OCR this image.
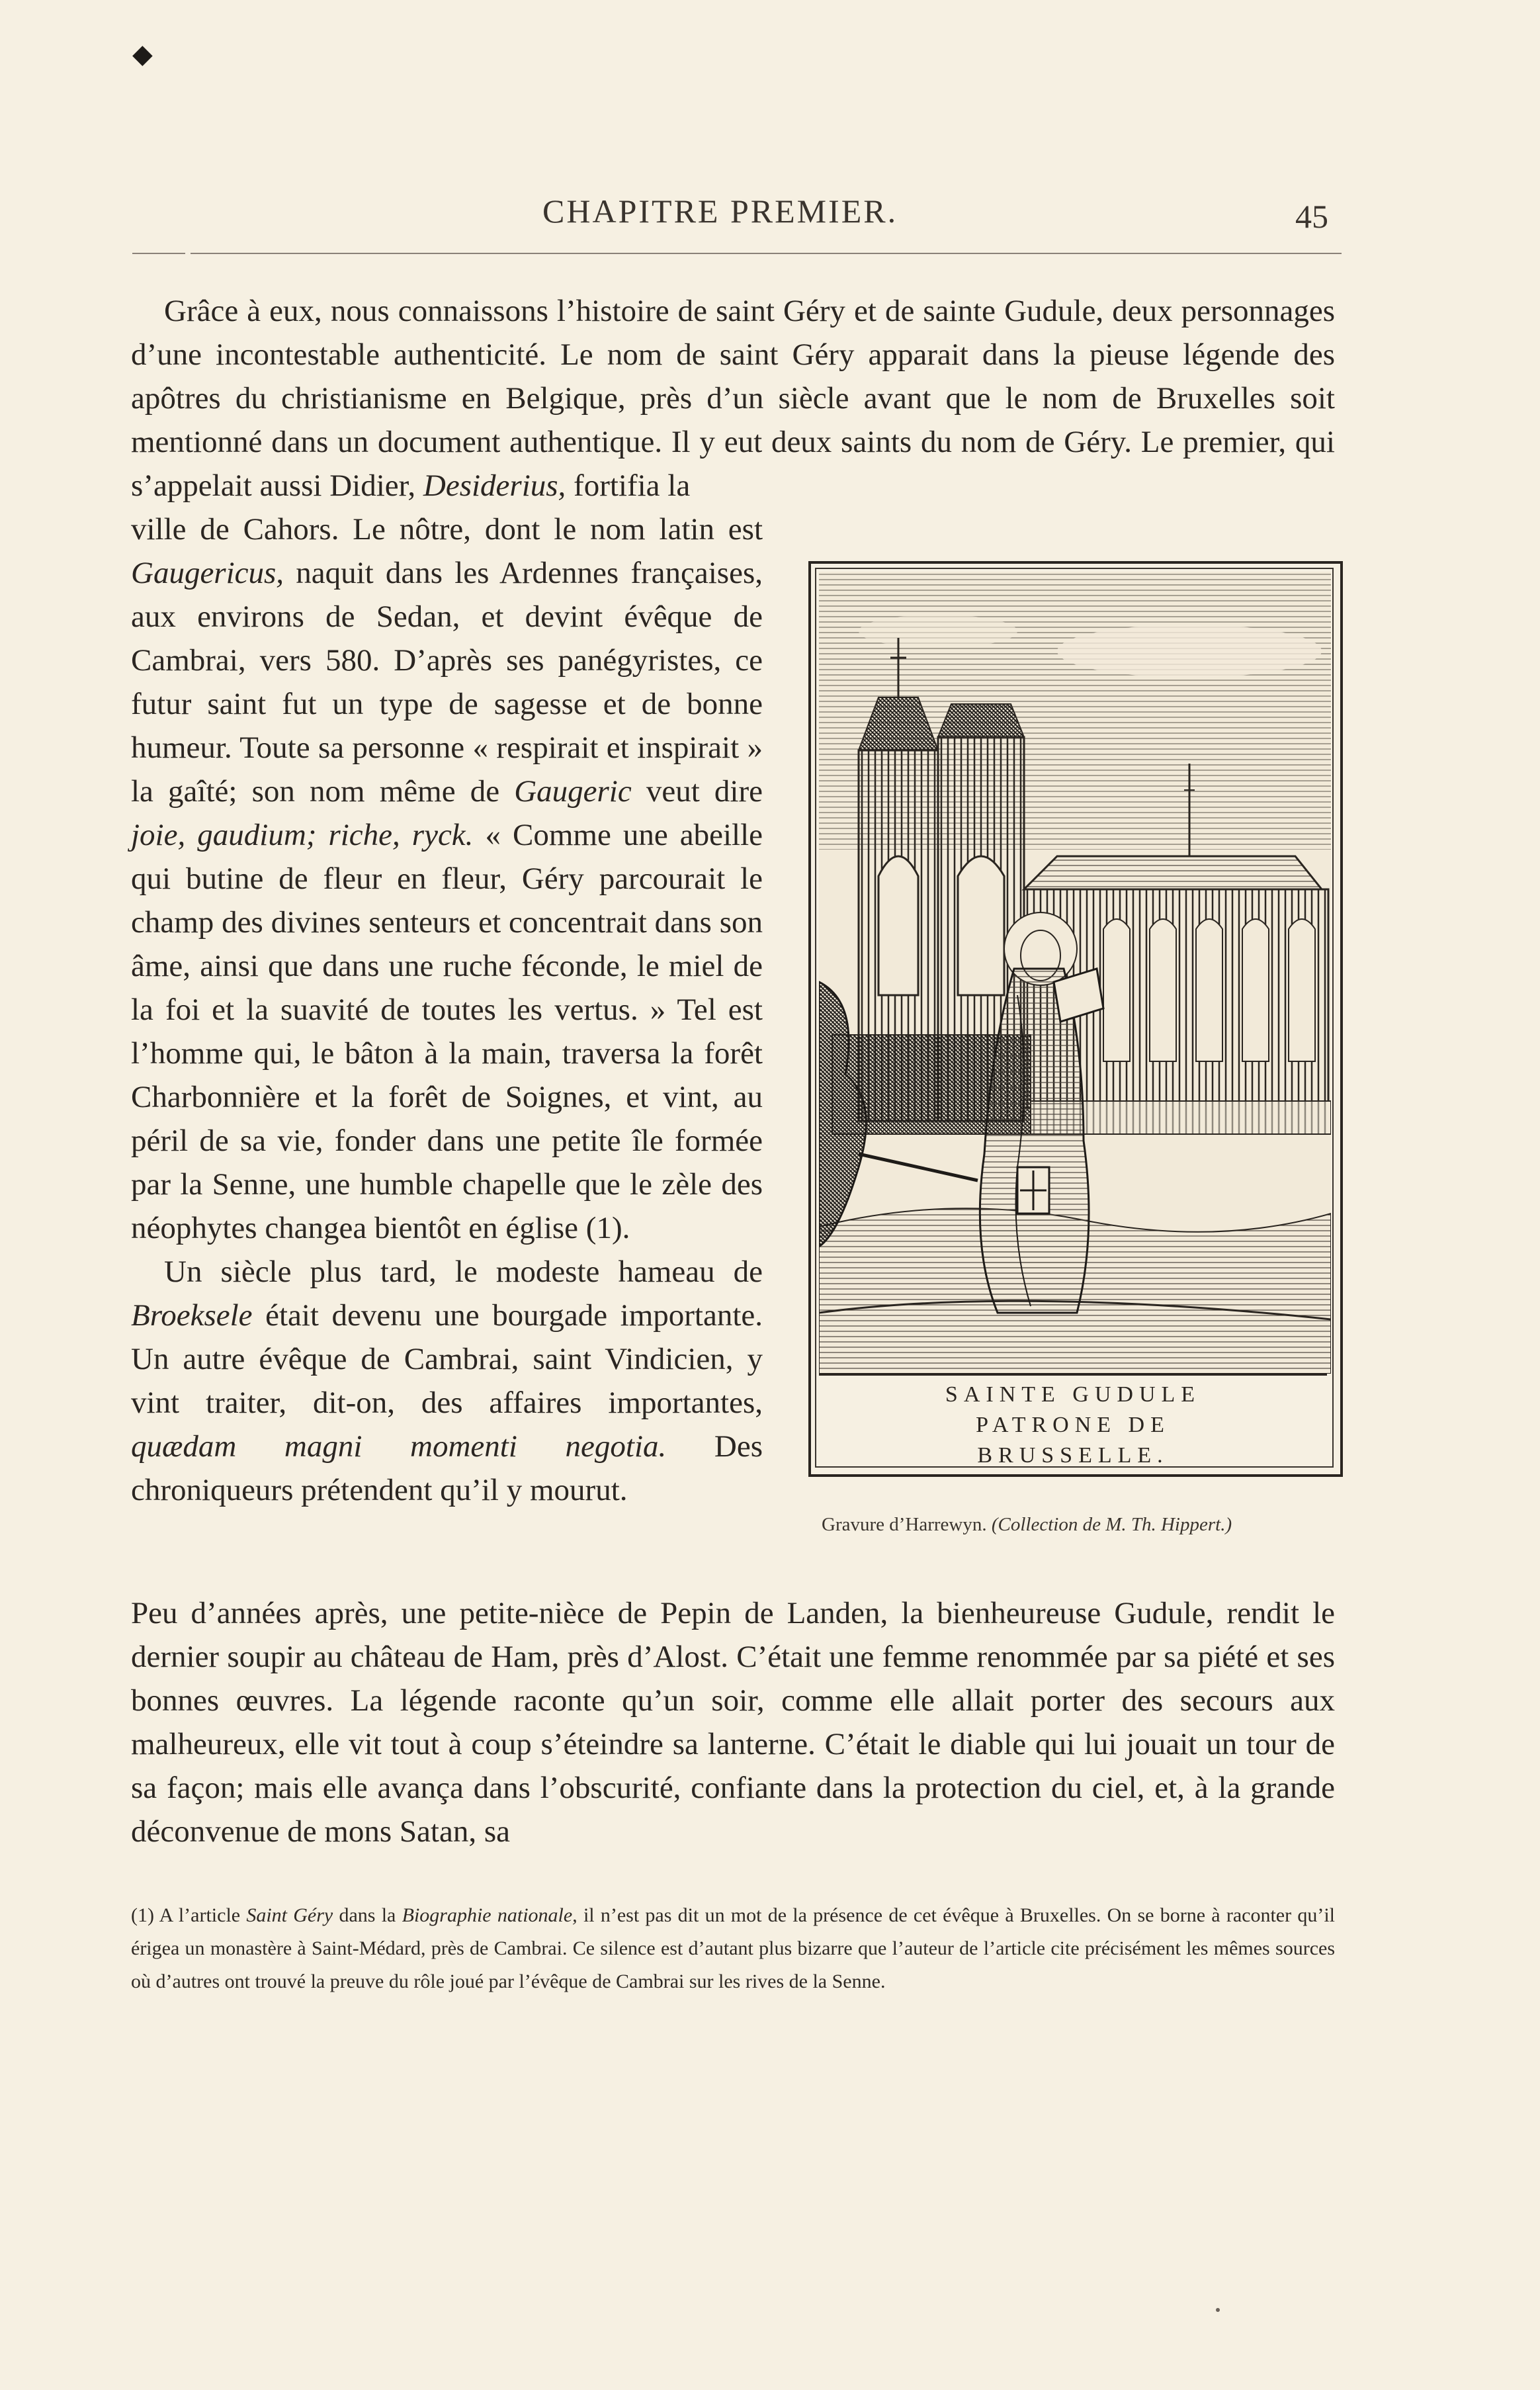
◆
CHAPITRE PREMIER.	45

Grâce à eux, nous connaissons l’histoire de saint Géry et de sainte Gudule, deux personnages d’une incontestable authenticité. Le nom de saint Géry apparait dans la pieuse légende des apôtres du christianisme en Belgique, près d’un siècle avant que le nom de Bruxelles soit mentionné dans un document authentique. Il y eut deux saints du nom de Géry. Le premier, qui s’appelait aussi Didier, Desiderius, fortifia la

ville de Cahors. Le nôtre, dont le nom latin est Gaugericus, naquit dans les Ardennes françaises, aux environs de Sedan, et devint évêque de Cambrai, vers 580. D’après ses panégyristes, ce futur saint fut un type de sagesse et de bonne humeur. Toute sa personne « respirait et inspirait » la gaîté; son nom même de Gaugeric veut dire joie, gaudium; riche, ryck. « Comme une abeille qui butine de fleur en fleur, Géry parcourait le champ des divines senteurs et concentrait dans son âme, ainsi que dans une ruche féconde, le miel de la foi et la suavité de toutes les vertus. » Tel est l’homme qui, le bâton à la main, traversa la forêt Charbonnière et la forêt de Soignes, et vint, au péril de sa vie, fonder dans une petite île formée par la Senne, une humble chapelle que le zèle des néophytes changea bientôt en église (1).

Un siècle plus tard, le modeste hameau de Broeksele était devenu une bourgade importante. Un autre évêque de Cambrai, saint Vindicien, y vint traiter, dit-on, des affaires importantes, quædam magni momenti negotia. Des chroniqueurs prétendent qu’il y mourut.

SAINTE GUDULE
PATRONE DE
BRUSSELLE.
Gravure d’Harrewyn. (Collection de M. Th. Hippert.)

Peu d’années après, une petite-nièce de Pepin de Landen, la bienheureuse Gudule, rendit le dernier soupir au château de Ham, près d’Alost. C’était une femme renommée par sa piété et ses bonnes œuvres. La légende raconte qu’un soir, comme elle allait porter des secours aux malheureux, elle vit tout à coup s’éteindre sa lanterne. C’était le diable qui lui jouait un tour de sa façon; mais elle avança dans l’obscurité, confiante dans la protection du ciel, et, à la grande déconvenue de mons Satan, sa

(1) A l’article Saint Géry dans la Biographie nationale, il n’est pas dit un mot de la présence de cet évêque à Bruxelles. On se borne à raconter qu’il érigea un monastère à Saint-Médard, près de Cambrai. Ce silence est d’autant plus bizarre que l’auteur de l’article cite précisément les mêmes sources où d’autres ont trouvé la preuve du rôle joué par l’évêque de Cambrai sur les rives de la Senne.
